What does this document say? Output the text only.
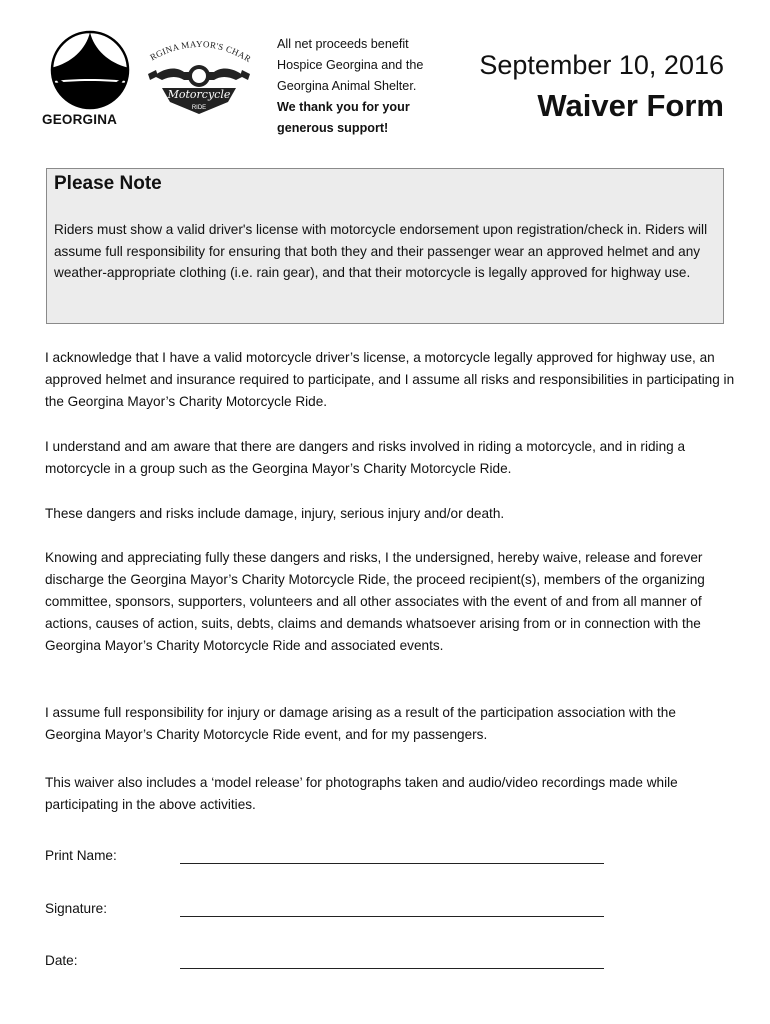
GEORGINA
RGINA MAYOR'S CHAR
Motorcycle
RIDE
All net proceeds benefit
Hospice Georgina and the
Georgina Animal Shelter.
We thank you for your
generous support!
September 10, 2016
Waiver Form
Please Note
Riders must show a valid driver's license with motorcycle endorsement upon registration/check in. Riders will assume full responsibility for ensuring that both they and their passenger wear an approved helmet and any weather-appropriate clothing (i.e. rain gear), and that their motorcycle is legally approved for highway use.
I acknowledge that I have a valid motorcycle driver’s license, a motorcycle legally approved for highway use, an approved helmet and insurance required to participate, and I assume all risks and responsibilities in participating in the Georgina Mayor’s Charity Motorcycle Ride.
I understand and am aware that there are dangers and risks involved in riding a motorcycle, and in riding a motorcycle in a group such as the Georgina Mayor’s Charity Motorcycle Ride.
These dangers and risks include damage, injury, serious injury and/or death.
Knowing and appreciating fully these dangers and risks, I the undersigned, hereby waive, release and forever discharge the Georgina Mayor’s Charity Motorcycle Ride, the proceed recipient(s), members of the organizing committee, sponsors, supporters, volunteers and all other associates with the event of and from all manner of actions, causes of action, suits, debts, claims and demands whatsoever arising from or in connection with the Georgina Mayor’s Charity Motorcycle Ride and associated events.
I assume full responsibility for injury or damage arising as a result of the participation association with the Georgina Mayor’s Charity Motorcycle Ride event, and for my passengers.
This waiver also includes a ‘model release’ for photographs taken and audio/video recordings made while participating in the above activities.
Print Name:
Signature:
Date:
